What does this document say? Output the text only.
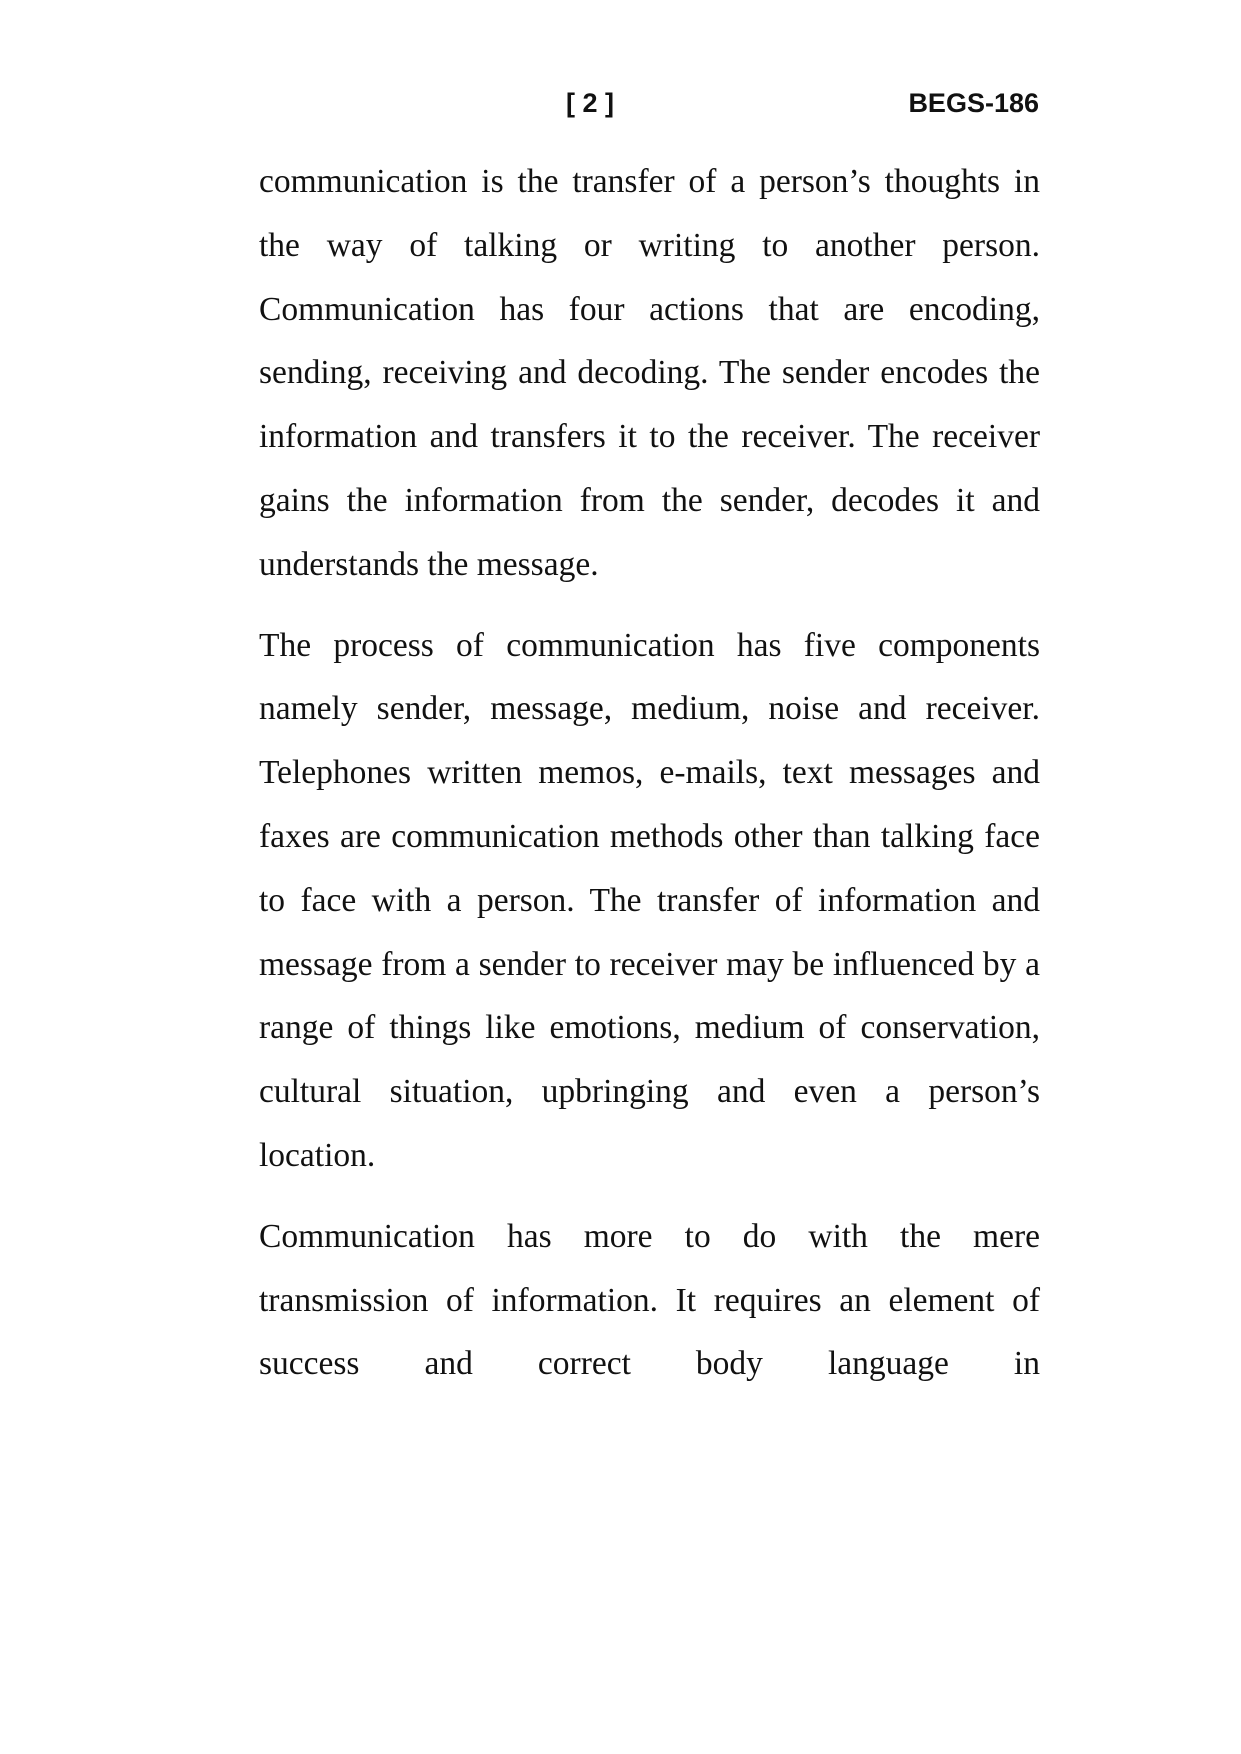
[ 2 ]	BEGS-186

communication is the transfer of a person’s thoughts in the way of talking or writing to another person. Communication has four actions that are encoding, sending, receiving and decoding. The sender encodes the information and transfers it to the receiver. The receiver gains the information from the sender, decodes it and understands the message.

The process of communication has five components namely sender, message, medium, noise and receiver. Telephones written memos, e-mails, text messages and faxes are communication methods other than talking face to face with a person. The transfer of information and message from a sender to receiver may be influenced by a range of things like emotions, medium of conservation, cultural situation, upbringing and even a person’s location.

Communication has more to do with the mere transmission of information. It requires an element of success and correct body language in
